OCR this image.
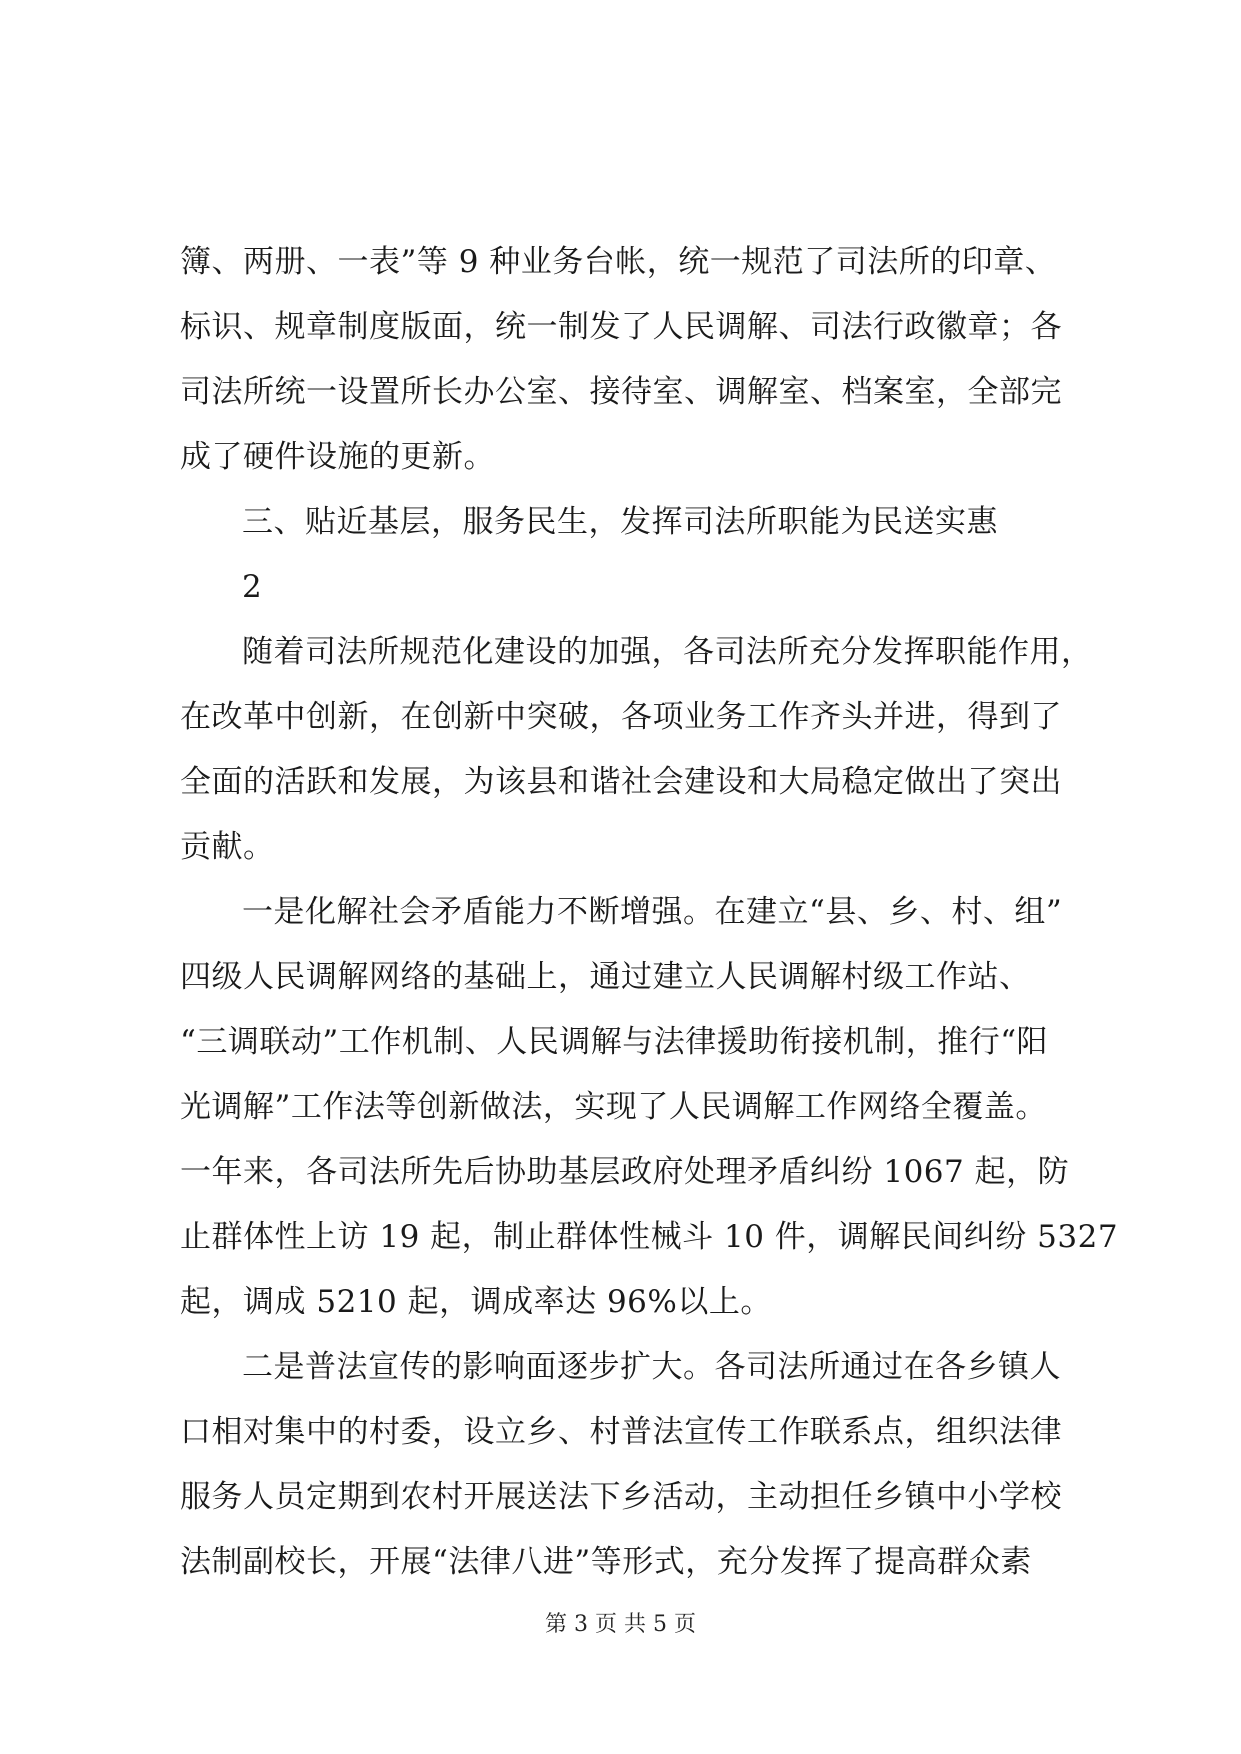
簿、两册、一表”等 9 种业务台帐，统一规范了司法所的印章、
标识、规章制度版面，统一制发了人民调解、司法行政徽章；各
司法所统一设置所长办公室、接待室、调解室、档案室，全部完
成了硬件设施的更新。
三、贴近基层，服务民生，发挥司法所职能为民送实惠
2
随着司法所规范化建设的加强，各司法所充分发挥职能作用，
在改革中创新，在创新中突破，各项业务工作齐头并进，得到了
全面的活跃和发展，为该县和谐社会建设和大局稳定做出了突出
贡献。
一是化解社会矛盾能力不断增强。在建立“县、乡、村、组”
四级人民调解网络的基础上，通过建立人民调解村级工作站、
“三调联动”工作机制、人民调解与法律援助衔接机制，推行“阳
光调解”工作法等创新做法，实现了人民调解工作网络全覆盖。
一年来，各司法所先后协助基层政府处理矛盾纠纷 1067 起，防
止群体性上访 19 起，制止群体性械斗 10 件，调解民间纠纷 5327
起，调成 5210 起，调成率达 96%以上。
二是普法宣传的影响面逐步扩大。各司法所通过在各乡镇人
口相对集中的村委，设立乡、村普法宣传工作联系点，组织法律
服务人员定期到农村开展送法下乡活动，主动担任乡镇中小学校
法制副校长，开展“法律八进”等形式，充分发挥了提高群众素
第 3 页 共 5 页
